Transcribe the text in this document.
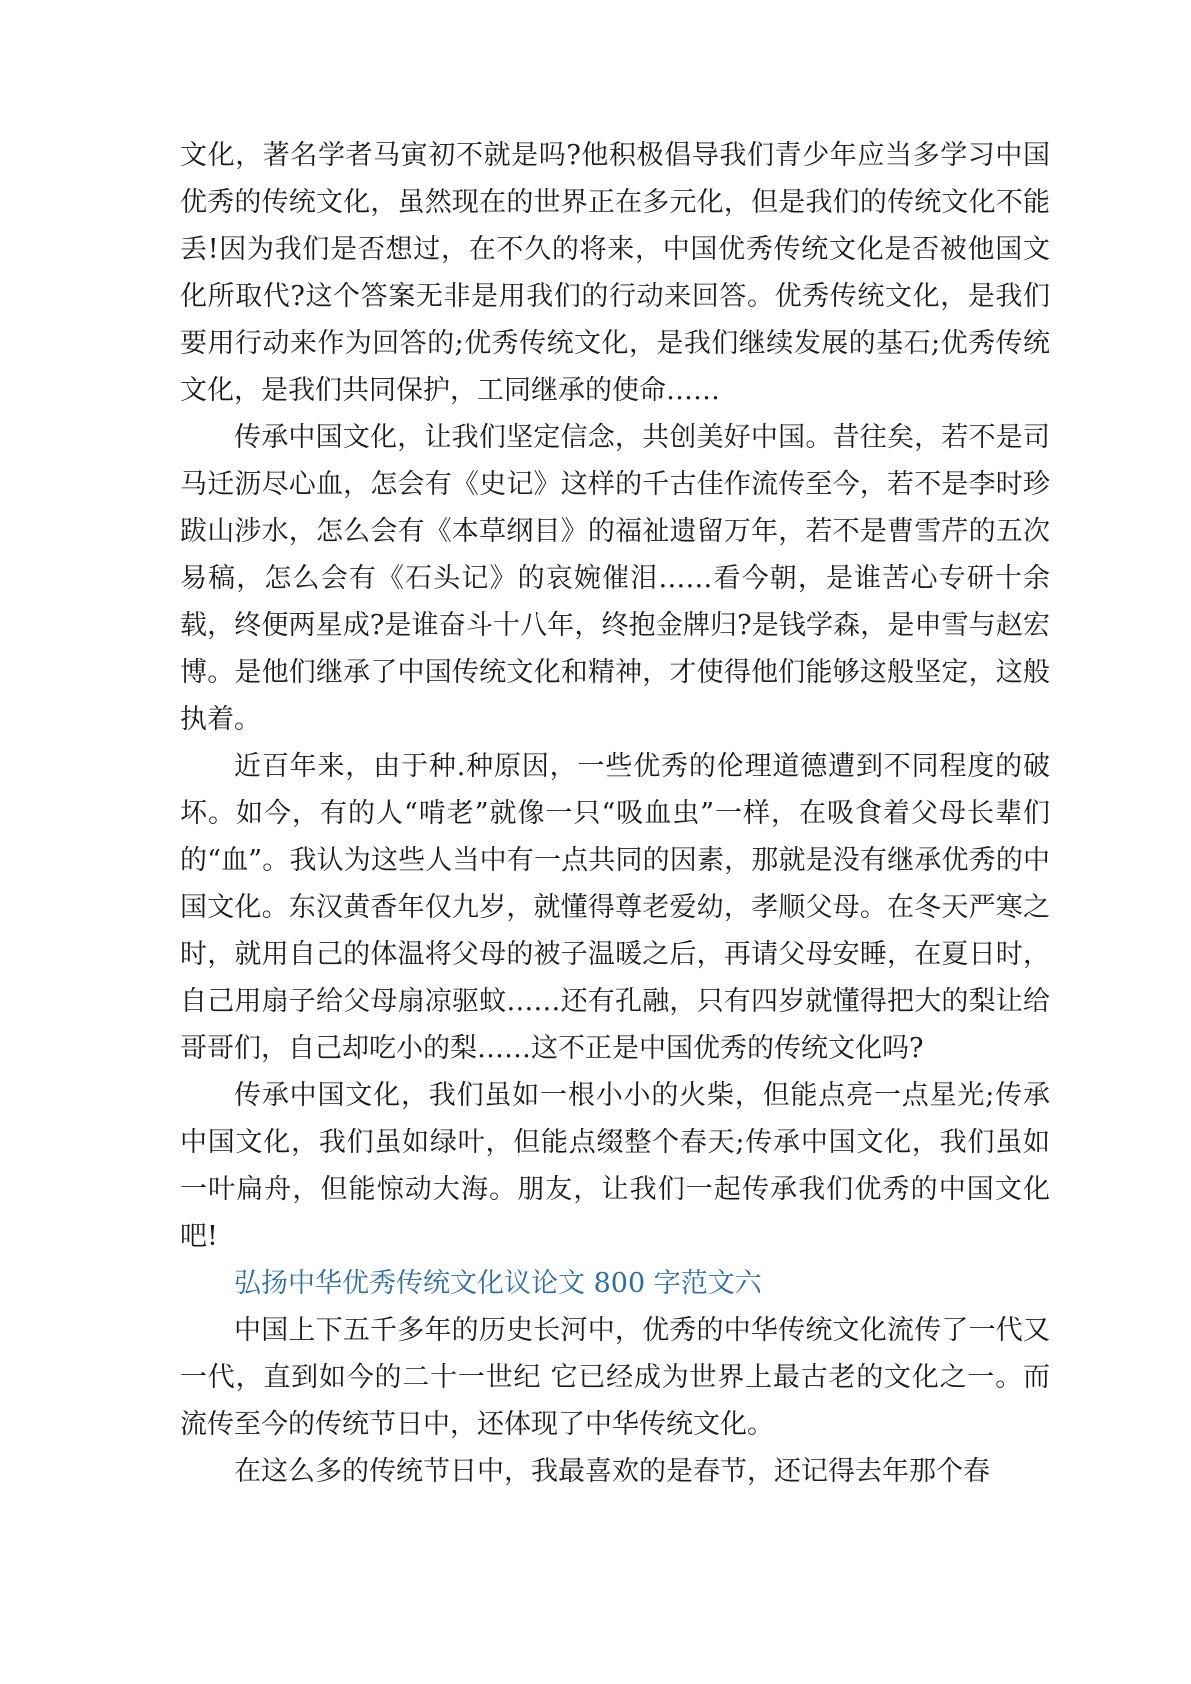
文化，著名学者马寅初不就是吗?他积极倡导我们青少年应当多学习中国优秀的传统文化，虽然现在的世界正在多元化，但是我们的传统文化不能丢!因为我们是否想过，在不久的将来，中国优秀传统文化是否被他国文化所取代?这个答案无非是用我们的行动来回答。优秀传统文化，是我们要用行动来作为回答的;优秀传统文化，是我们继续发展的基石;优秀传统文化，是我们共同保护，工同继承的使命……

传承中国文化，让我们坚定信念，共创美好中国。昔往矣，若不是司马迁沥尽心血，怎会有《史记》这样的千古佳作流传至今，若不是李时珍跋山涉水，怎么会有《本草纲目》的福祉遗留万年，若不是曹雪芹的五次易稿，怎么会有《石头记》的哀婉催泪……看今朝，是谁苦心专研十余载，终便两星成?是谁奋斗十八年，终抱金牌归?是钱学森，是申雪与赵宏博。是他们继承了中国传统文化和精神，才使得他们能够这般坚定，这般执着。

近百年来，由于种.种原因，一些优秀的伦理道德遭到不同程度的破坏。如今，有的人“啃老”就像一只“吸血虫”一样，在吸食着父母长辈们的“血”。我认为这些人当中有一点共同的因素，那就是没有继承优秀的中国文化。东汉黄香年仅九岁，就懂得尊老爱幼，孝顺父母。在冬天严寒之时，就用自己的体温将父母的被子温暖之后，再请父母安睡，在夏日时，自己用扇子给父母扇凉驱蚊……还有孔融，只有四岁就懂得把大的梨让给哥哥们，自己却吃小的梨……这不正是中国优秀的传统文化吗?

传承中国文化，我们虽如一根小小的火柴，但能点亮一点星光;传承中国文化，我们虽如绿叶，但能点缀整个春天;传承中国文化，我们虽如一叶扁舟，但能惊动大海。朋友，让我们一起传承我们优秀的中国文化吧!

弘扬中华优秀传统文化议论文 800 字范文六

中国上下五千多年的历史长河中，优秀的中华传统文化流传了一代又一代，直到如今的二十一世纪 它已经成为世界上最古老的文化之一。而流传至今的传统节日中，还体现了中华传统文化。

在这么多的传统节日中，我最喜欢的是春节，还记得去年那个春
